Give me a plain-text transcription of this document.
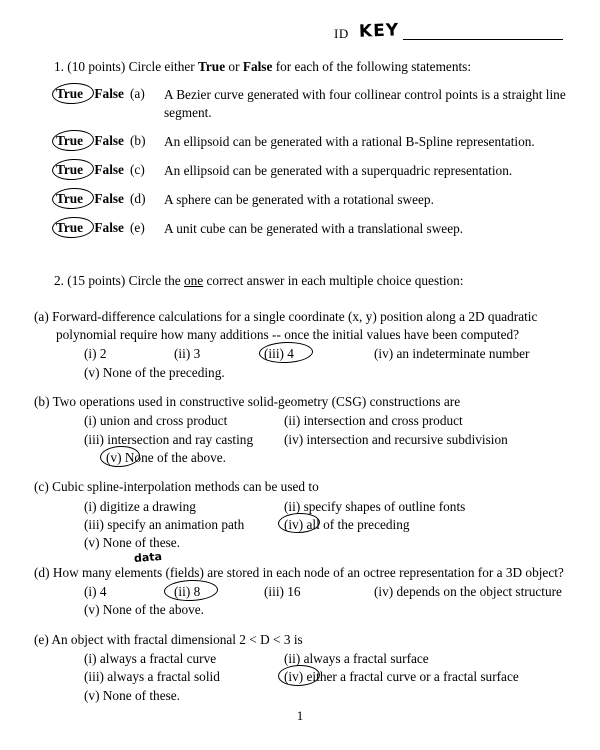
ID KEY
1. (10 points) Circle either True or False for each of the following statements:
True False (a)	A Bezier curve generated with four collinear control points is a straight line segment.
True False (b)	An ellipsoid can be generated with a rational B-Spline representation.
True False (c)	An ellipsoid can be generated with a superquadric representation.
True False (d)	A sphere can be generated with a rotational sweep.
True False (e)	A unit cube can be generated with a translational sweep.
2. (15 points) Circle the one correct answer in each multiple choice question:
(a) Forward-difference calculations for a single coordinate (x, y) position along a 2D quadratic polynomial require how many additions -- once the initial values have been computed?
(i) 2	(ii) 3	(iii) 4	(iv) an indeterminate number
(v) None of the preceding.
(b) Two operations used in constructive solid-geometry (CSG) constructions are
(i) union and cross product	(ii) intersection and cross product
(iii) intersection and ray casting (iv) intersection and recursive subdivision
(v) None of the above.
(c) Cubic spline-interpolation methods can be used to
(i) digitize a drawing	(ii) specify shapes of outline fonts
(iii) specify an animation path	(iv) all of the preceding
(v) None of these.
data
(d) How many elements (fields) are stored in each node of an octree representation for a 3D object?
(i) 4	(ii) 8	(iii) 16	(iv) depends on the object structure
(v) None of the above.
(e) An object with fractal dimensional 2 < D < 3 is
(i) always a fractal curve	(ii) always a fractal surface
(iii) always a fractal solid	(iv) either a fractal curve or a fractal surface
(v) None of these.
1
